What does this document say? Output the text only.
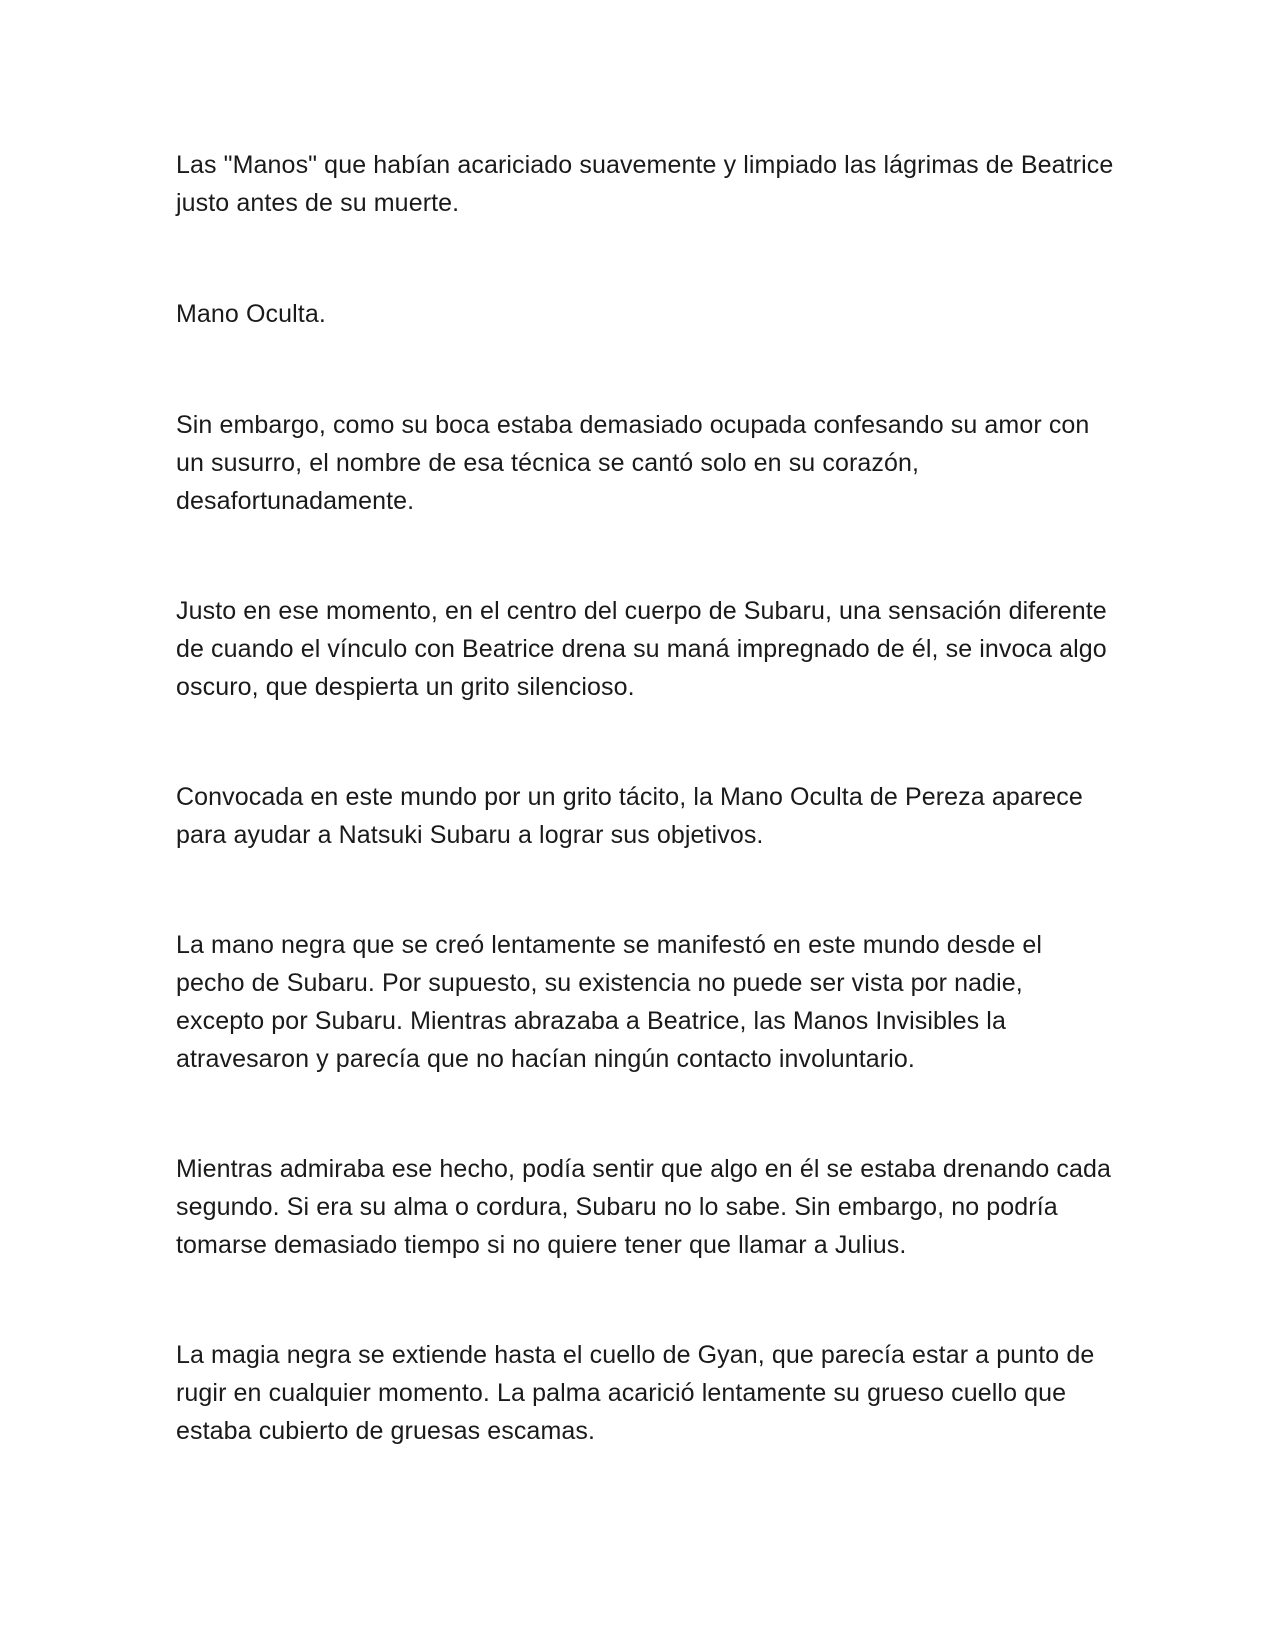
Las "Manos" que habían acariciado suavemente y limpiado las lágrimas de Beatrice justo antes de su muerte.

Mano Oculta.

Sin embargo, como su boca estaba demasiado ocupada confesando su amor con un susurro, el nombre de esa técnica se cantó solo en su corazón, desafortunadamente.

Justo en ese momento, en el centro del cuerpo de Subaru, una sensación diferente de cuando el vínculo con Beatrice drena su maná impregnado de él, se invoca algo oscuro, que despierta un grito silencioso.

Convocada en este mundo por un grito tácito, la Mano Oculta de Pereza aparece para ayudar a Natsuki Subaru a lograr sus objetivos.

La mano negra que se creó lentamente se manifestó en este mundo desde el pecho de Subaru. Por supuesto, su existencia no puede ser vista por nadie, excepto por Subaru. Mientras abrazaba a Beatrice, las Manos Invisibles la atravesaron y parecía que no hacían ningún contacto involuntario.

Mientras admiraba ese hecho, podía sentir que algo en él se estaba drenando cada segundo. Si era su alma o cordura, Subaru no lo sabe. Sin embargo, no podría tomarse demasiado tiempo si no quiere tener que llamar a Julius.

La magia negra se extiende hasta el cuello de Gyan, que parecía estar a punto de rugir en cualquier momento. La palma acarició lentamente su grueso cuello que estaba cubierto de gruesas escamas.
